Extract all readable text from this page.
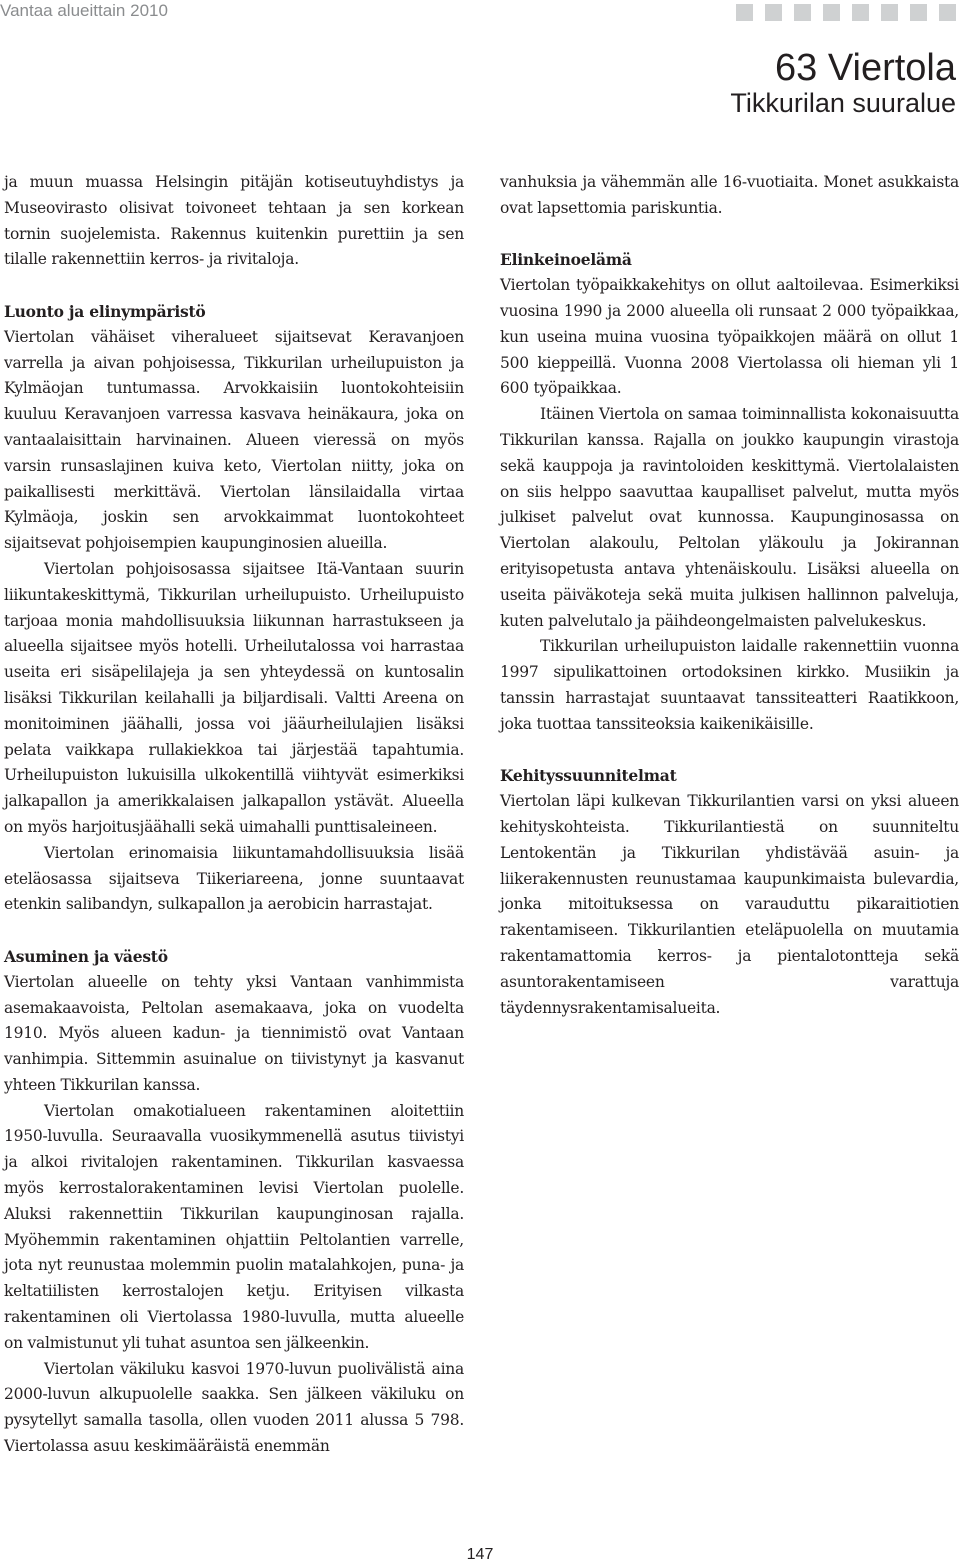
Vantaa alueittain 2010
63 Viertola
Tikkurilan suuralue

ja muun muassa Helsingin pitäjän kotiseutuyhdistys ja Museovirasto olisivat toivoneet tehtaan ja sen korkean tornin suojelemista. Rakennus kuitenkin purettiin ja sen tilalle rakennettiin kerros- ja rivitaloja.

Luonto ja elinympäristö

Viertolan vähäiset viheralueet sijaitsevat Keravanjoen varrella ja aivan pohjoisessa, Tikkurilan urheilupuiston ja Kylmäojan tuntumassa. Arvokkaisiin luontokohteisiin kuuluu Keravanjoen varressa kasvava heinäkaura, joka on vantaalaisittain harvinainen. Alueen vieressä on myös varsin runsaslajinen kuiva keto, Viertolan niitty, joka on paikallisesti merkittävä. Viertolan länsilaidalla virtaa Kylmäoja, joskin sen arvokkaimmat luontokohteet sijaitsevat pohjoisempien kaupunginosien alueilla.

Viertolan pohjoisosassa sijaitsee Itä-Vantaan suurin liikuntakeskittymä, Tikkurilan urheilupuisto. Urheilupuisto tarjoaa monia mahdollisuuksia liikunnan harrastukseen ja alueella sijaitsee myös hotelli. Urheilutalossa voi harrastaa useita eri sisäpelilajeja ja sen yhteydessä on kuntosalin lisäksi Tikkurilan keilahalli ja biljardisali. Valtti Areena on monitoiminen jäähalli, jossa voi jääurheilulajien lisäksi pelata vaikkapa rullakiekkoa tai järjestää tapahtumia. Urheilupuiston lukuisilla ulkokentillä viihtyvät esimerkiksi jalkapallon ja amerikkalaisen jalkapallon ystävät. Alueella on myös harjoitusjäähalli sekä uimahalli punttisaleineen.

Viertolan erinomaisia liikuntamahdollisuuksia lisää eteläosassa sijaitseva Tiikeriareena, jonne suuntaavat etenkin salibandyn, sulkapallon ja aerobicin harrastajat.

Asuminen ja väestö

Viertolan alueelle on tehty yksi Vantaan vanhimmista asemakaavoista, Peltolan asemakaava, joka on vuodelta 1910. Myös alueen kadun- ja tiennimistö ovat Vantaan vanhimpia. Sittemmin asuinalue on tiivistynyt ja kasvanut yhteen Tikkurilan kanssa.

Viertolan omakotialueen rakentaminen aloitettiin 1950-luvulla. Seuraavalla vuosikymmenellä asutus tiivistyi ja alkoi rivitalojen rakentaminen. Tikkurilan kasvaessa myös kerrostalorakentaminen levisi Viertolan puolelle. Aluksi rakennettiin Tikkurilan kaupunginosan rajalla. Myöhemmin rakentaminen ohjattiin Peltolantien varrelle, jota nyt reunustaa molemmin puolin matalahkojen, puna- ja keltatiilisten kerrostalojen ketju. Erityisen vilkasta rakentaminen oli Viertolassa 1980-luvulla, mutta alueelle on valmistunut yli tuhat asuntoa sen jälkeenkin.

Viertolan väkiluku kasvoi 1970-luvun puolivälistä aina 2000-luvun alkupuolelle saakka. Sen jälkeen väkiluku on pysytellyt samalla tasolla, ollen vuoden 2011 alussa 5 798. Viertolassa asuu keskimääräistä enemmän

vanhuksia ja vähemmän alle 16-vuotiaita. Monet asukkaista ovat lapsettomia pariskuntia.

Elinkeinoelämä

Viertolan työpaikkakehitys on ollut aaltoilevaa. Esimerkiksi vuosina 1990 ja 2000 alueella oli runsaat 2 000 työpaikkaa, kun useina muina vuosina työpaikkojen määrä on ollut 1 500 kieppeillä. Vuonna 2008 Viertolassa oli hieman yli 1 600 työpaikkaa.

Itäinen Viertola on samaa toiminnallista kokonaisuutta Tikkurilan kanssa. Rajalla on joukko kaupungin virastoja sekä kauppoja ja ravintoloiden keskittymä. Viertolalaisten on siis helppo saavuttaa kaupalliset palvelut, mutta myös julkiset palvelut ovat kunnossa. Kaupunginosassa on Viertolan alakoulu, Peltolan yläkoulu ja Jokirannan erityisopetusta antava yhtenäiskoulu. Lisäksi alueella on useita päiväkoteja sekä muita julkisen hallinnon palveluja, kuten palvelutalo ja päihdeongelmaisten palvelukeskus.

Tikkurilan urheilupuiston laidalle rakennettiin vuonna 1997 sipulikattoinen ortodoksinen kirkko. Musiikin ja tanssin harrastajat suuntaavat tanssiteatteri Raatikkoon, joka tuottaa tanssiteoksia kaikenikäisille.

Kehityssuunnitelmat

Viertolan läpi kulkevan Tikkurilantien varsi on yksi alueen kehityskohteista. Tikkurilantiestä on suunniteltu Lentokentän ja Tikkurilan yhdistävää asuin- ja liikerakennusten reunustamaa kaupunkimaista bulevardia, jonka mitoituksessa on varauduttu pikaraitiotien rakentamiseen. Tikkurilantien eteläpuolella on muutamia rakentamattomia kerros- ja pientalotontteja sekä asuntorakentamiseen varattuja täydennysrakentamisalueita.

147
